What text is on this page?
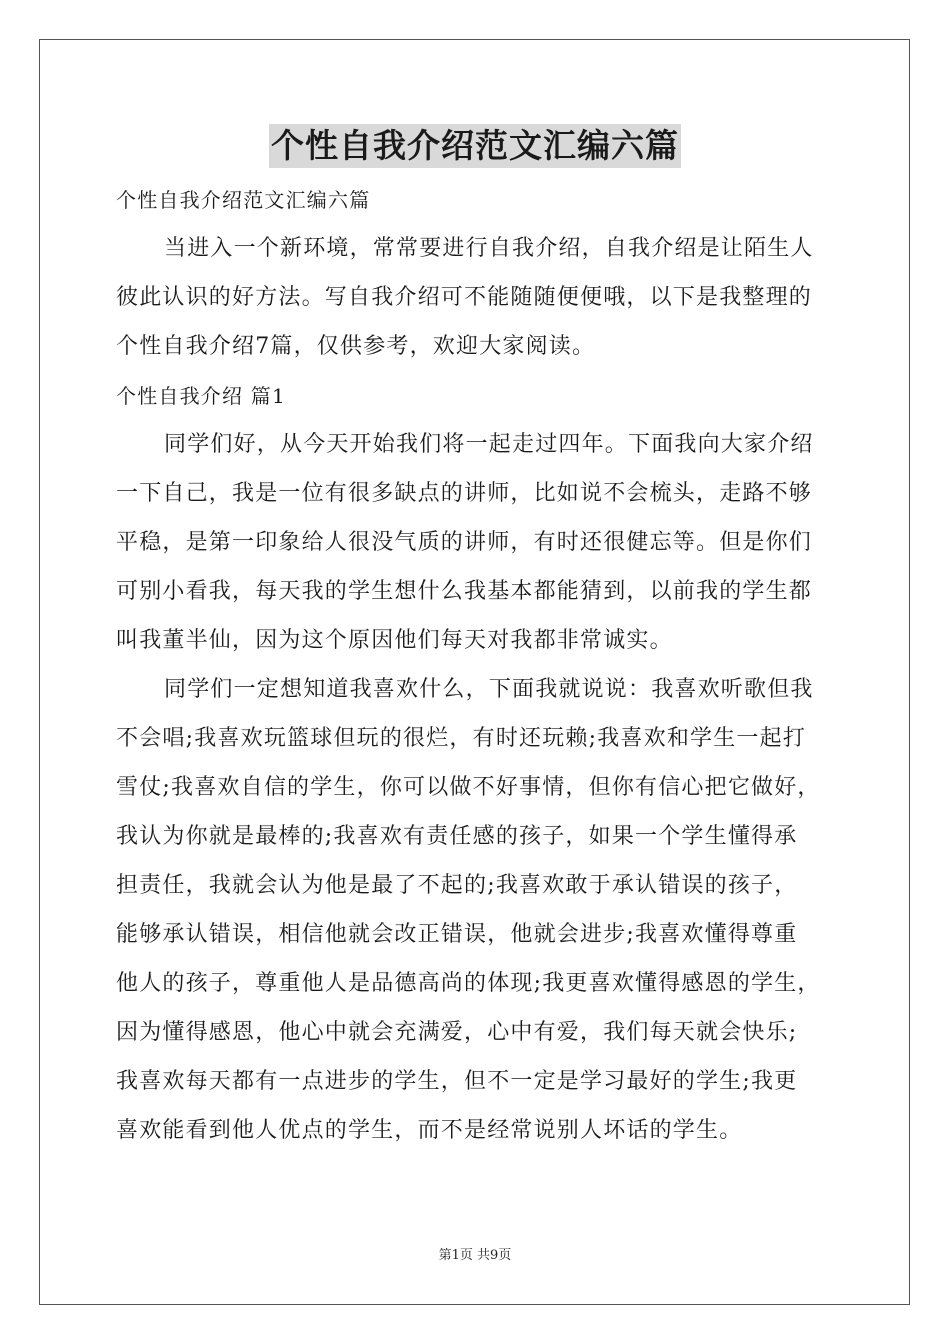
个性自我介绍范文汇编六篇
个性自我介绍范文汇编六篇
当进入一个新环境，常常要进行自我介绍，自我介绍是让陌生人
彼此认识的好方法。写自我介绍可不能随随便便哦，以下是我整理的
个性自我介绍7篇，仅供参考，欢迎大家阅读。
个性自我介绍 篇1
同学们好，从今天开始我们将一起走过四年。下面我向大家介绍
一下自己，我是一位有很多缺点的讲师，比如说不会梳头，走路不够
平稳，是第一印象给人很没气质的讲师，有时还很健忘等。但是你们
可别小看我，每天我的学生想什么我基本都能猜到，以前我的学生都
叫我董半仙，因为这个原因他们每天对我都非常诚实。
同学们一定想知道我喜欢什么，下面我就说说：我喜欢听歌但我
不会唱;我喜欢玩篮球但玩的很烂，有时还玩赖;我喜欢和学生一起打
雪仗;我喜欢自信的学生，你可以做不好事情，但你有信心把它做好，
我认为你就是最棒的;我喜欢有责任感的孩子，如果一个学生懂得承
担责任，我就会认为他是最了不起的;我喜欢敢于承认错误的孩子，
能够承认错误，相信他就会改正错误，他就会进步;我喜欢懂得尊重
他人的孩子，尊重他人是品德高尚的体现;我更喜欢懂得感恩的学生，
因为懂得感恩，他心中就会充满爱，心中有爱，我们每天就会快乐;
我喜欢每天都有一点进步的学生，但不一定是学习最好的学生;我更
喜欢能看到他人优点的学生，而不是经常说别人坏话的学生。
第1页 共9页
